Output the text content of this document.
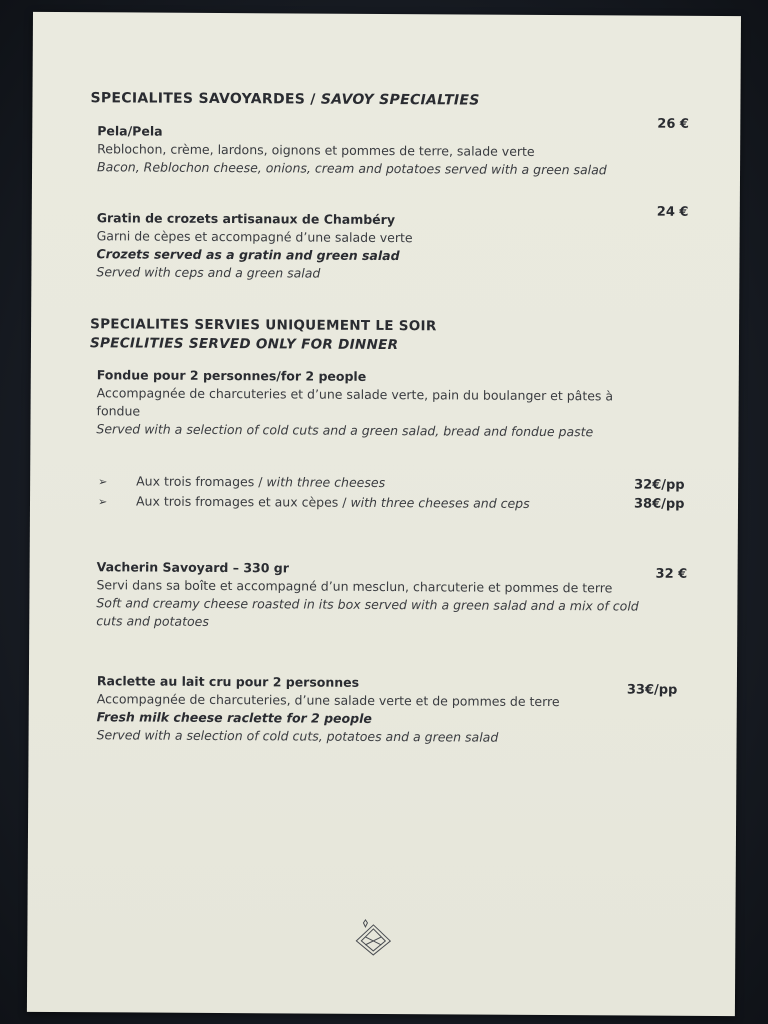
SPECIALITES SAVOYARDES / SAVOY SPECIALTIES
Pela/Pela
Reblochon, crème, lardons, oignons et pommes de terre, salade verte
Bacon, Reblochon cheese, onions, cream and potatoes served with a green salad
26 €
Gratin de crozets artisanaux de Chambéry
Garni de cèpes et accompagné d’une salade verte
Crozets served as a gratin and green salad
Served with ceps and a green salad
24 €
SPECIALITES SERVIES UNIQUEMENT LE SOIR
SPECILITIES SERVED ONLY FOR DINNER
Fondue pour 2 personnes/for 2 people
Accompagnée de charcuteries et d’une salade verte, pain du boulanger et pâtes à fondue
Served with a selection of cold cuts and a green salad, bread and fondue paste
➢ Aux trois fromages / with three cheeses	32€/pp
➢ Aux trois fromages et aux cèpes / with three cheeses and ceps	38€/pp
Vacherin Savoyard – 330 gr
Servi dans sa boîte et accompagné d’un mesclun, charcuterie et pommes de terre
Soft and creamy cheese roasted in its box served with a green salad and a mix of cold cuts and potatoes
32 €
Raclette au lait cru pour 2 personnes
Accompagnée de charcuteries, d’une salade verte et de pommes de terre
Fresh milk cheese raclette for 2 people
Served with a selection of cold cuts, potatoes and a green salad
33€/pp
